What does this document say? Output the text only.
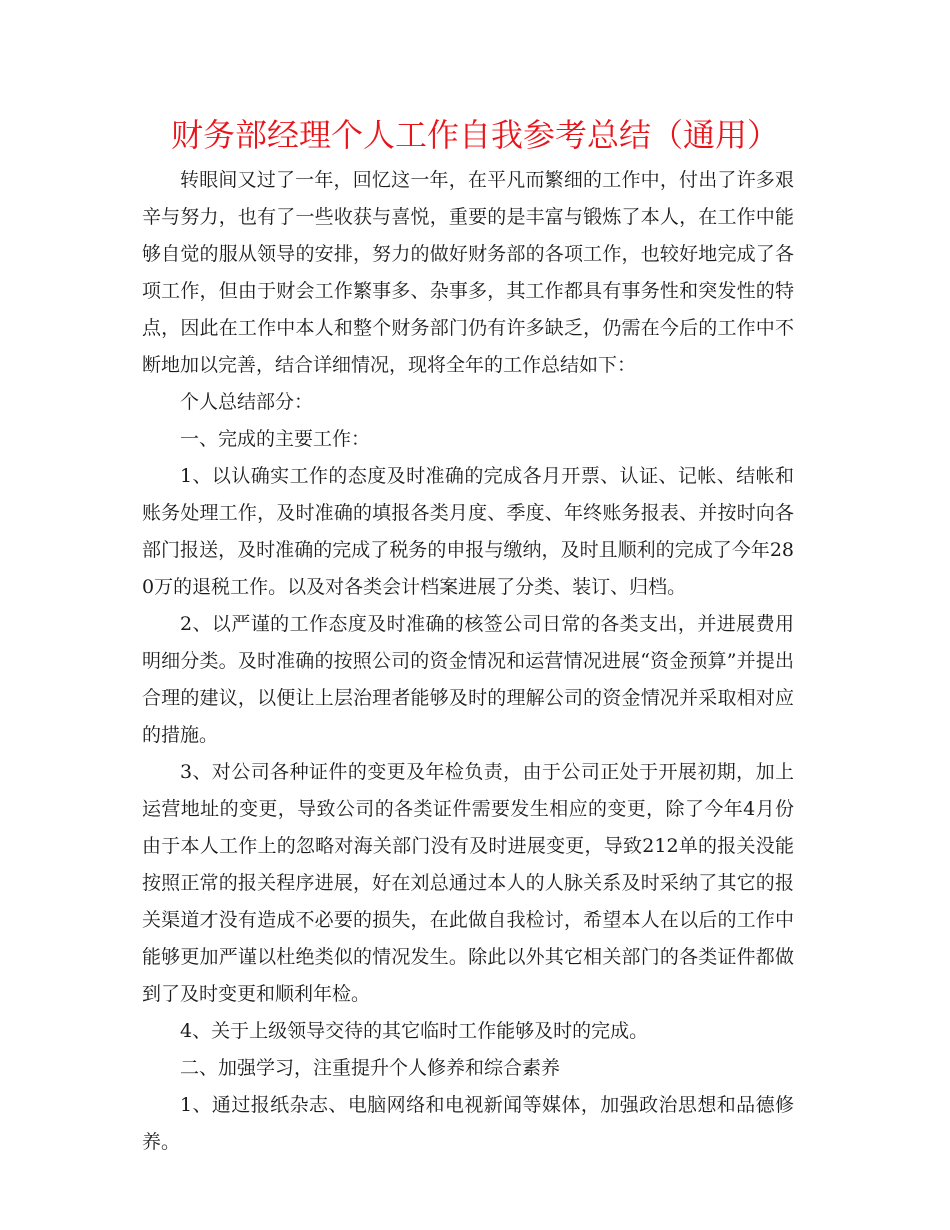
财务部经理个人工作自我参考总结（通用）

转眼间又过了一年，回忆这一年，在平凡而繁细的工作中，付出了许多艰辛与努力，也有了一些收获与喜悦，重要的是丰富与锻炼了本人，在工作中能够自觉的服从领导的安排，努力的做好财务部的各项工作，也较好地完成了各项工作，但由于财会工作繁事多、杂事多，其工作都具有事务性和突发性的特点，因此在工作中本人和整个财务部门仍有许多缺乏，仍需在今后的工作中不断地加以完善，结合详细情况，现将全年的工作总结如下：

个人总结部分：

一、完成的主要工作：

1、以认确实工作的态度及时准确的完成各月开票、认证、记帐、结帐和账务处理工作，及时准确的填报各类月度、季度、年终账务报表、并按时向各部门报送，及时准确的完成了税务的申报与缴纳，及时且顺利的完成了今年280万的退税工作。以及对各类会计档案进展了分类、装订、归档。

2、以严谨的工作态度及时准确的核签公司日常的各类支出，并进展费用明细分类。及时准确的按照公司的资金情况和运营情况进展“资金预算”并提出合理的建议，以便让上层治理者能够及时的理解公司的资金情况并采取相对应的措施。

3、对公司各种证件的变更及年检负责，由于公司正处于开展初期，加上运营地址的变更，导致公司的各类证件需要发生相应的变更，除了今年4月份由于本人工作上的忽略对海关部门没有及时进展变更，导致212单的报关没能按照正常的报关程序进展，好在刘总通过本人的人脉关系及时采纳了其它的报关渠道才没有造成不必要的损失，在此做自我检讨，希望本人在以后的工作中能够更加严谨以杜绝类似的情况发生。除此以外其它相关部门的各类证件都做到了及时变更和顺利年检。

4、关于上级领导交待的其它临时工作能够及时的完成。

二、加强学习，注重提升个人修养和综合素养

1、通过报纸杂志、电脑网络和电视新闻等媒体，加强政治思想和品德修养。
